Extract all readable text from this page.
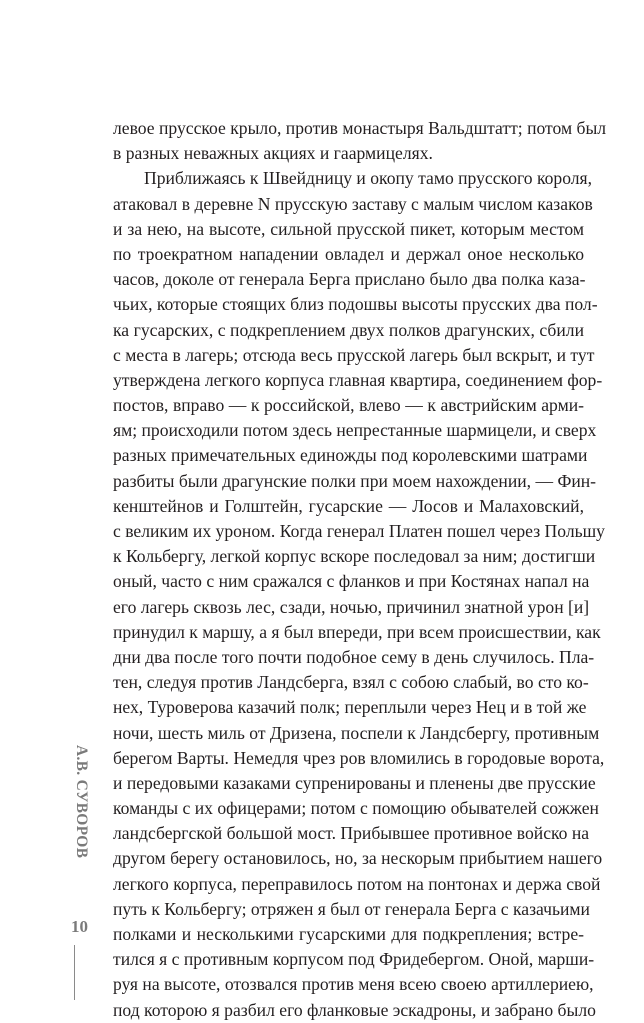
левое прусское крыло, против монастыря Вальдштатт; потом был
в разных неважных акциях и гаармицелях.
Приближаясь к Швейдницу и окопу тамо прусского короля,
атаковал в деревне N прусскую заставу с малым числом казаков
и за нею, на высоте, сильной прусской пикет, которым местом
по троекратном нападении овладел и держал оное несколько
часов, доколе от генерала Берга прислано было два полка каза-
чьих, которые стоящих близ подошвы высоты прусских два пол-
ка гусарских, с подкреплением двух полков драгунских, сбили
с места в лагерь; отсюда весь прусской лагерь был вскрыт, и тут
утверждена легкого корпуса главная квартира, соединением фор-
постов, вправо — к российской, влево — к австрийским арми-
ям; происходили потом здесь непрестанные шармицели, и сверх
разных примечательных единожды под королевскими шатрами
разбиты были драгунские полки при моем нахождении, — Фин-
кенштейнов и Голштейн, гусарские — Лосов и Малаховский,
с великим их уроном. Когда генерал Платен пошел через Польшу
к Кольбергу, легкой корпус вскоре последовал за ним; достигши
оный, часто с ним сражался с фланков и при Костянах напал на
его лагерь сквозь лес, сзади, ночью, причинил знатной урон [и]
принудил к маршу, а я был впереди, при всем происшествии, как
дни два после того почти подобное сему в день случилось. Пла-
тен, следуя против Ландсберга, взял с собою слабый, во сто ко-
нех, Туроверова казачий полк; переплыли через Нец и в той же
ночи, шесть миль от Дризена, поспели к Ландсбергу, противным
берегом Варты. Немедля чрез ров вломились в городовые ворота,
и передовыми казаками супренированы и пленены две прусские
команды с их офицерами; потом с помощию обывателей сожжен
ландсбергской большой мост. Прибывшее противное войско на
другом берегу остановилось, но, за нескорым прибытием нашего
легкого корпуса, переправилось потом на понтонах и держа свой
путь к Кольбергу; отряжен я был от генерала Берга с казачьими
полками и несколькими гусарскими для подкрепления; встре-
тился я с противным корпусом под Фридебергом. Оной, марши-
руя на высоте, отозвался против меня всею своею артиллериею,
под которою я разбил его фланковые эскадроны, и забрано было
А.В. СУВОРОВ
10
